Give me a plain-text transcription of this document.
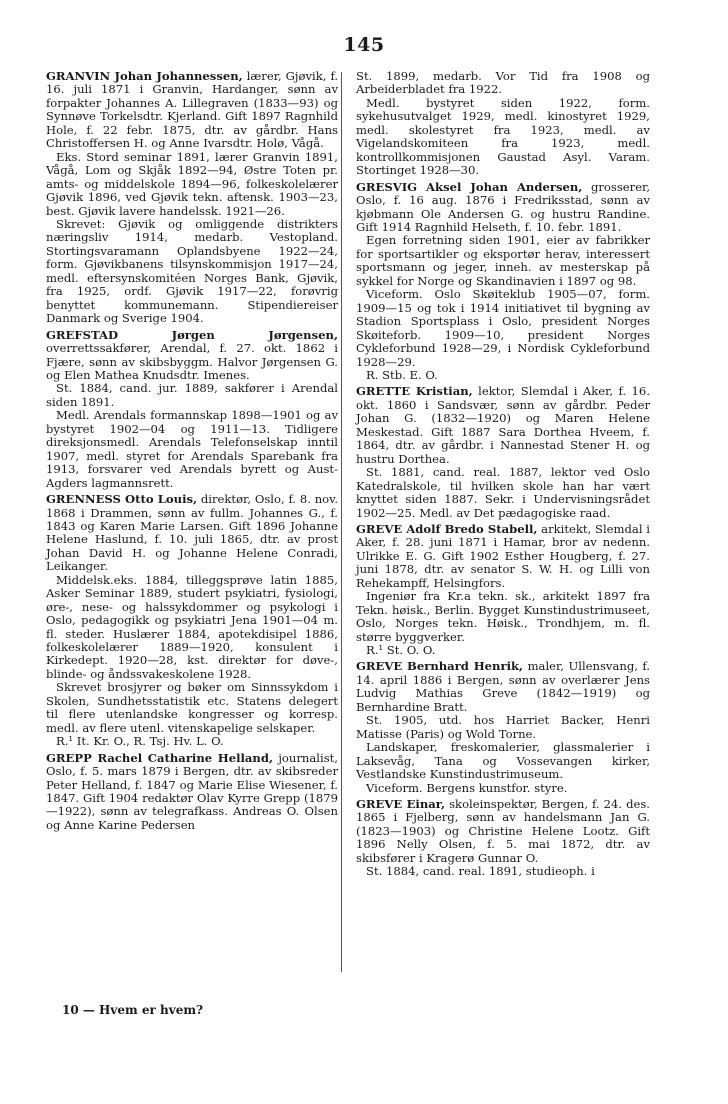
145

GRANVIN Johan Johannessen, lærer, Gjøvik, f. 16. juli 1871 i Granvin, Hardanger, sønn av forpakter Johannes A. Lillegraven (1833—93) og Synnøve Torkelsdtr. Kjerland. Gift 1897 Ragnhild Hole, f. 22 febr. 1875, dtr. av gårdbr. Hans Christoffersen H. og Anne Ivarsdtr. Holø, Vågå.

Eks. Stord seminar 1891, lærer Granvin 1891, Vågå, Lom og Skjåk 1892—94, Østre Toten pr. amts- og middelskole 1894—96, folkeskolelærer Gjøvik 1896, ved Gjøvik tekn. aftensk. 1903—23, best. Gjøvik lavere handelssk. 1921—26.

Skrevet: Gjøvik og omliggende distrikters næringsliv 1914, medarb. Vestopland. Stortingsvaramann Oplandsbyene 1922—24, form. Gjøvikbanens tilsynskommisjon 1917—24, medl. eftersynskomitéen Norges Bank, Gjøvik, fra 1925, ordf. Gjøvik 1917—22, forøvrig benyttet kommunemann. Stipendiereiser Danmark og Sverige 1904.

GREFSTAD Jørgen Jørgensen, overrettssakfører, Arendal, f. 27. okt. 1862 i Fjære, sønn av skibsbyggm. Halvor Jørgensen G. og Elen Mathea Knudsdtr. Imenes.

St. 1884, cand. jur. 1889, sakfører i Arendal siden 1891.

Medl. Arendals formannskap 1898—1901 og av bystyret 1902—04 og 1911—13. Tidligere direksjonsmedl. Arendals Telefonselskap inntil 1907, medl. styret for Arendals Sparebank fra 1913, forsvarer ved Arendals byrett og Aust-Agders lagmannsrett.

GRENNESS Otto Louis, direktør, Oslo, f. 8. nov. 1868 i Drammen, sønn av fullm. Johannes G., f. 1843 og Karen Marie Larsen. Gift 1896 Johanne Helene Haslund, f. 10. juli 1865, dtr. av prost Johan David H. og Johanne Helene Conradi, Leikanger.

Middelsk.eks. 1884, tilleggsprøve latin 1885, Asker Seminar 1889, studert psykiatri, fysiologi, øre-, nese- og halssykdommer og psykologi i Oslo, pedagogikk og psykiatri Jena 1901—04 m. fl. steder. Huslærer 1884, apotekdisipel 1886, folkeskolelærer 1889—1920, konsulent i Kirkedept. 1920—28, kst. direktør for døve-, blinde- og åndssvakeskolene 1928.

Skrevet brosjyrer og bøker om Sinnssykdom i Skolen, Sundhetsstatistik etc. Statens delegert til flere utenlandske kongresser og korresp. medl. av flere utenl. vitenskapelige selskaper.

R.¹ It. Kr. O., R. Tsj. Hv. L. O.

GREPP Rachel Catharine Helland, journalist, Oslo, f. 5. mars 1879 i Bergen, dtr. av skibsreder Peter Helland, f. 1847 og Marie Elise Wiesener, f. 1847. Gift 1904 redaktør Olav Kyrre Grepp (1879—1922), sønn av telegrafkass. Andreas O. Olsen og Anne Karine Pedersen

St. 1899, medarb. Vor Tid fra 1908 og Arbeiderbladet fra 1922.

Medl. bystyret siden 1922, form. sykehusutvalget 1929, medl. kinostyret 1929, medl. skolestyret fra 1923, medl. av Vigelandskomiteen fra 1923, medl. kontrollkommisjonen Gaustad Asyl. Varam. Stortinget 1928—30.

GRESVIG Aksel Johan Andersen, grosserer, Oslo, f. 16 aug. 1876 i Fredriksstad, sønn av kjøbmann Ole Andersen G. og hustru Randine. Gift 1914 Ragnhild Helseth, f. 10. febr. 1891.

Egen forretning siden 1901, eier av fabrikker for sportsartikler og eksportør herav, interessert sportsmann og jeger, inneh. av mesterskap på sykkel for Norge og Skandinavien i 1897 og 98.

Viceform. Oslo Skøiteklub 1905—07, form. 1909—15 og tok i 1914 initiativet til bygning av Stadion Sportsplass i Oslo, president Norges Skøiteforb. 1909—10, president Norges Cykleforbund 1928—29, i Nordisk Cykleforbund 1928—29.

R. Stb. E. O.

GRETTE Kristian, lektor, Slemdal i Aker, f. 16. okt. 1860 i Sandsvær, sønn av gårdbr. Peder Johan G. (1832—1920) og Maren Helene Meskestad. Gift 1887 Sara Dorthea Hveem, f. 1864, dtr. av gårdbr. i Nannestad Stener H. og hustru Dorthea.

St. 1881, cand. real. 1887, lektor ved Oslo Katedralskole, til hvilken skole han har vært knyttet siden 1887. Sekr. i Undervisningsrådet 1902—25. Medl. av Det pædagogiske raad.

GREVE Adolf Bredo Stabell, arkitekt, Slemdal i Aker, f. 28. juni 1871 i Hamar, bror av nedenn. Ulrikke E. G. Gift 1902 Esther Hougberg, f. 27. juni 1878, dtr. av senator S. W. H. og Lilli von Rehekampff, Helsingfors.

Ingeniør fra Kr.a tekn. sk., arkitekt 1897 fra Tekn. høisk., Berlin. Bygget Kunstindustrimuseet, Oslo, Norges tekn. Høisk., Trondhjem, m. fl. større byggverker.

R.¹ St. O. O.

GREVE Bernhard Henrik, maler, Ullensvang, f. 14. april 1886 i Bergen, sønn av overlærer Jens Ludvig Mathias Greve (1842—1919) og Bernhardine Bratt.

St. 1905, utd. hos Harriet Backer, Henri Matisse (Paris) og Wold Torne.

Landskaper, freskomalerier, glassmalerier i Laksevåg, Tana og Vossevangen kirker, Vestlandske Kunstindustrimuseum.

Viceform. Bergens kunstfor. styre.

GREVE Einar, skoleinspektør, Bergen, f. 24. des. 1865 i Fjelberg, sønn av handelsmann Jan G. (1823—1903) og Christine Helene Lootz. Gift 1896 Nelly Olsen, f. 5. mai 1872, dtr. av skibsfører i Kragerø Gunnar O.

St. 1884, cand. real. 1891, studieoph. i

10 — Hvem er hvem?
